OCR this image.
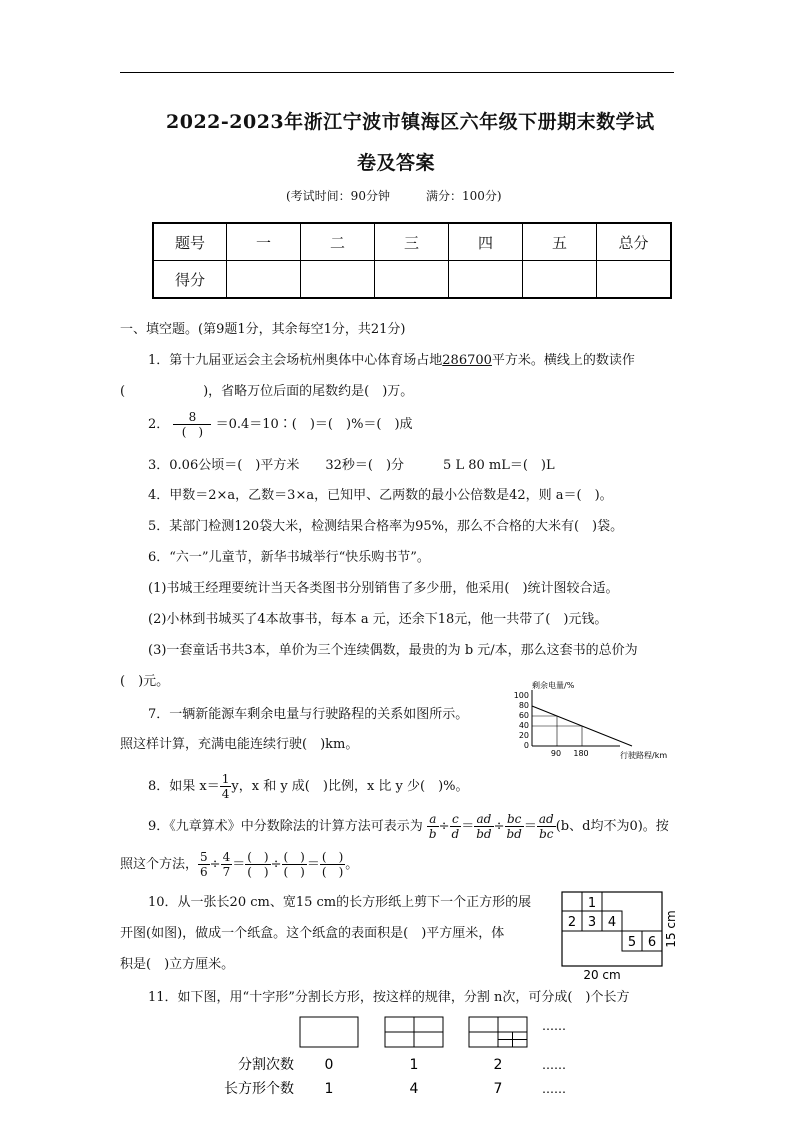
2022-2023年浙江宁波市镇海区六年级下册期末数学试
卷及答案
(考试时间：90分钟　　　满分：100分)
题号	一	二	三	四	五	总分
得分						
一、填空题。(第9题1分，其余每空1分，共21分)
1．第十九届亚运会主会场杭州奥体中心体育场占地286700平方米。横线上的数读作
(　　　　　　)，省略万位后面的尾数约是(　)万。
2． $\frac{8}{( )}$ ＝0.4＝10∶(　)＝(　)%＝(　)成
3．0.06公顷＝(　)平方米　　32秒＝(　)分　　　5 L 80 mL＝(　)L
4．甲数＝2×a，乙数＝3×a，已知甲、乙两数的最小公倍数是42，则 a＝(　)。
5．某部门检测120袋大米，检测结果合格率为95%，那么不合格的大米有(　)袋。
6．“六一”儿童节，新华书城举行“快乐购书节”。
(1)书城王经理要统计当天各类图书分别销售了多少册，他采用(　)统计图较合适。
(2)小林到书城买了4本故事书，每本 a 元，还余下18元，他一共带了(　)元钱。
(3)一套童话书共3本，单价为三个连续偶数，最贵的为 b 元/本，那么这套书的总价为
(　)元。
7．一辆新能源车剩余电量与行驶路程的关系如图所示。
照这样计算，充满电能连续行驶(　)km。
剩余电量/%
100
80
60
40
20
0
90 180	行驶路程/km
8．如果 $x= \frac{1}{4}$ y，x 和 y 成(　)比例，x 比 y 少(　)%。
9．《九章算术》中分数除法的计算方法可表示为 $\frac{a}{b} \div \frac{c}{d} = \frac{ad}{bd} \div \frac{bc}{bd} = \frac{ad}{bc} (b$、d均不为0)。按
照这个方法， $\frac{5}{6} \div \frac{4}{7} = \frac{( )}{( )} \div \frac{( )}{( )} = \frac{( )}{( )}$ 。
10．从一张长20 cm、宽15 cm的长方形纸上剪下一个正方形的展
开图(如图)，做成一个纸盒。这个纸盒的表面积是(　)平方厘米，体
积是(　)立方厘米。
1
2 3 4
5 6
20 cm
15 cm
11．如下图，用“十字形”分割长方形，按这样的规律，分割 n次，可分成(　)个长方
……
分割次数 0	1	2	……
长方形个数 1	4	7	……
